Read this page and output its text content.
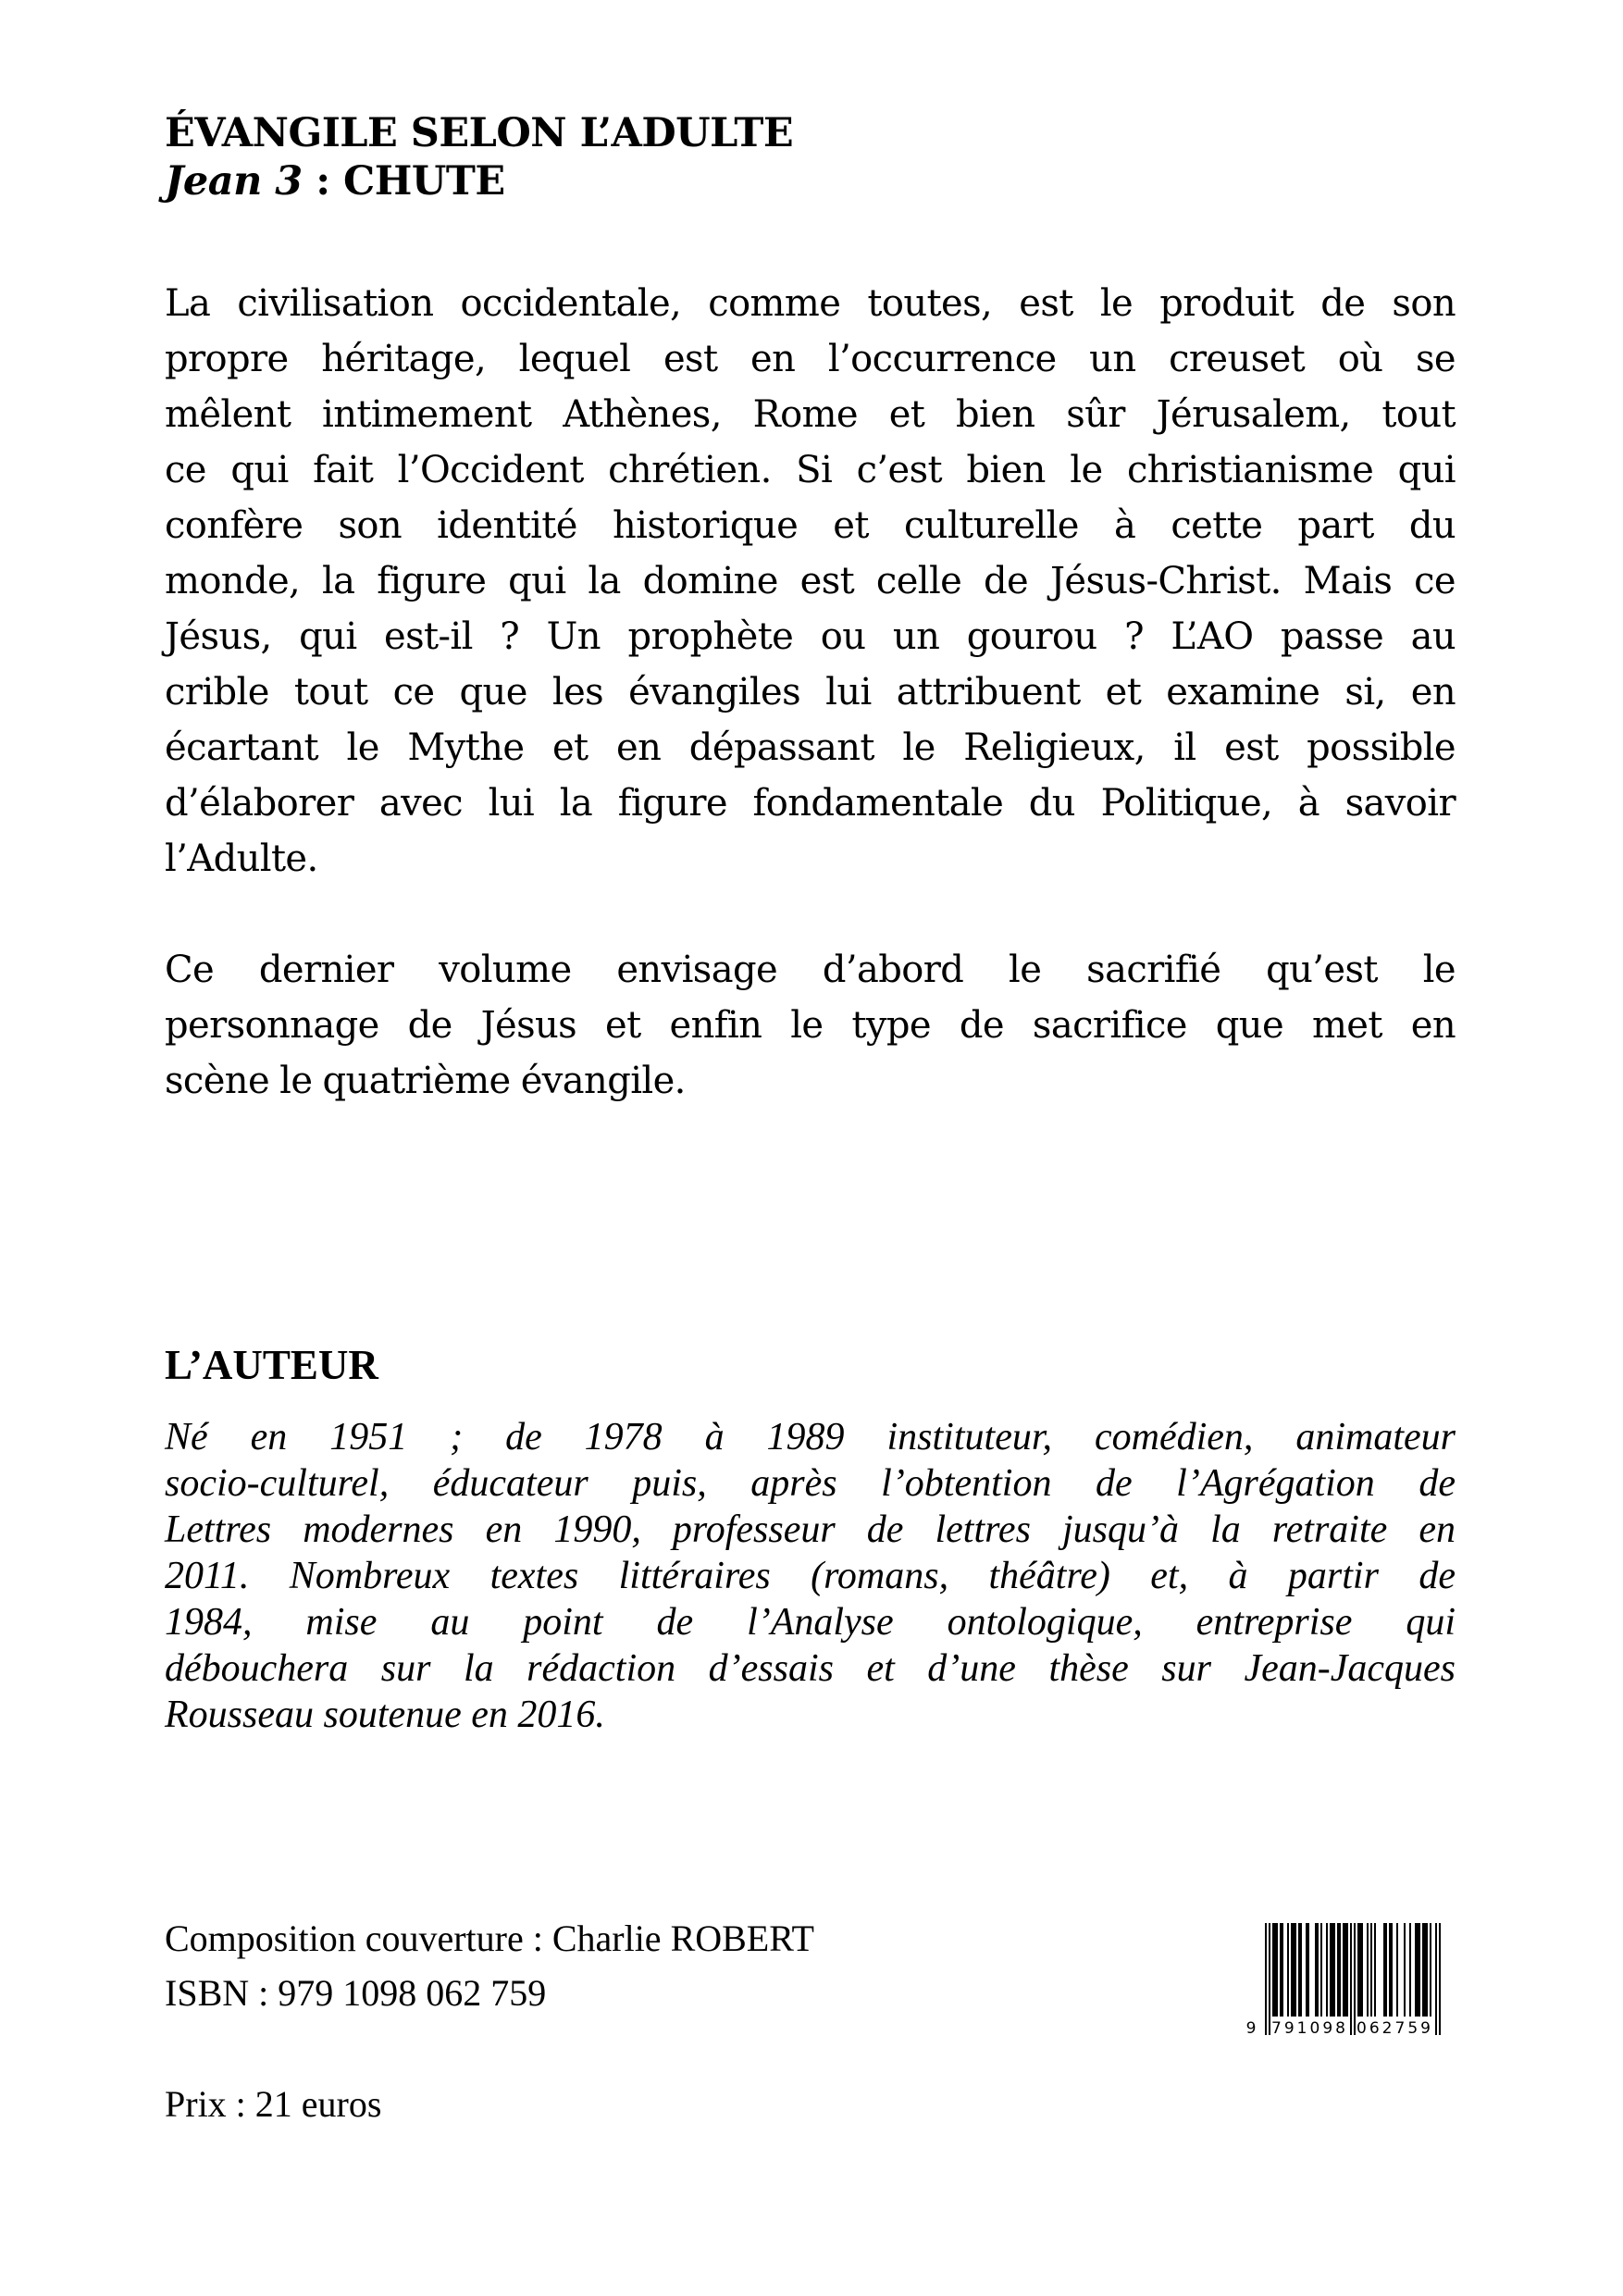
ÉVANGILE SELON L’ADULTE
Jean 3 : CHUTE
La civilisation occidentale, comme toutes, est le produit de son
propre héritage, lequel est en l’occurrence un creuset où se
mêlent intimement Athènes, Rome et bien sûr Jérusalem, tout
ce qui fait l’Occident chrétien. Si c’est bien le christianisme qui
confère son identité historique et culturelle à cette part du
monde, la figure qui la domine est celle de Jésus-Christ. Mais ce
Jésus, qui est-il ? Un prophète ou un gourou ? L’AO passe au
crible tout ce que les évangiles lui attribuent et examine si, en
écartant le Mythe et en dépassant le Religieux, il est possible
d’élaborer avec lui la figure fondamentale du Politique, à savoir
l’Adulte.
Ce dernier volume envisage d’abord le sacrifié qu’est le
personnage de Jésus et enfin le type de sacrifice que met en
scène le quatrième évangile.
L’AUTEUR
Né en 1951 ; de 1978 à 1989 instituteur, comédien, animateur
socio-culturel, éducateur puis, après l’obtention de l’Agrégation de
Lettres modernes en 1990, professeur de lettres jusqu’à la retraite en
2011. Nombreux textes littéraires (romans, théâtre) et, à partir de
1984, mise au point de l’Analyse ontologique, entreprise qui
débouchera sur la rédaction d’essais et d’une thèse sur Jean-Jacques
Rousseau soutenue en 2016.
Composition couverture : Charlie ROBERT
ISBN : 979 1098 062 759
Prix : 21 euros
9 791098 062759
